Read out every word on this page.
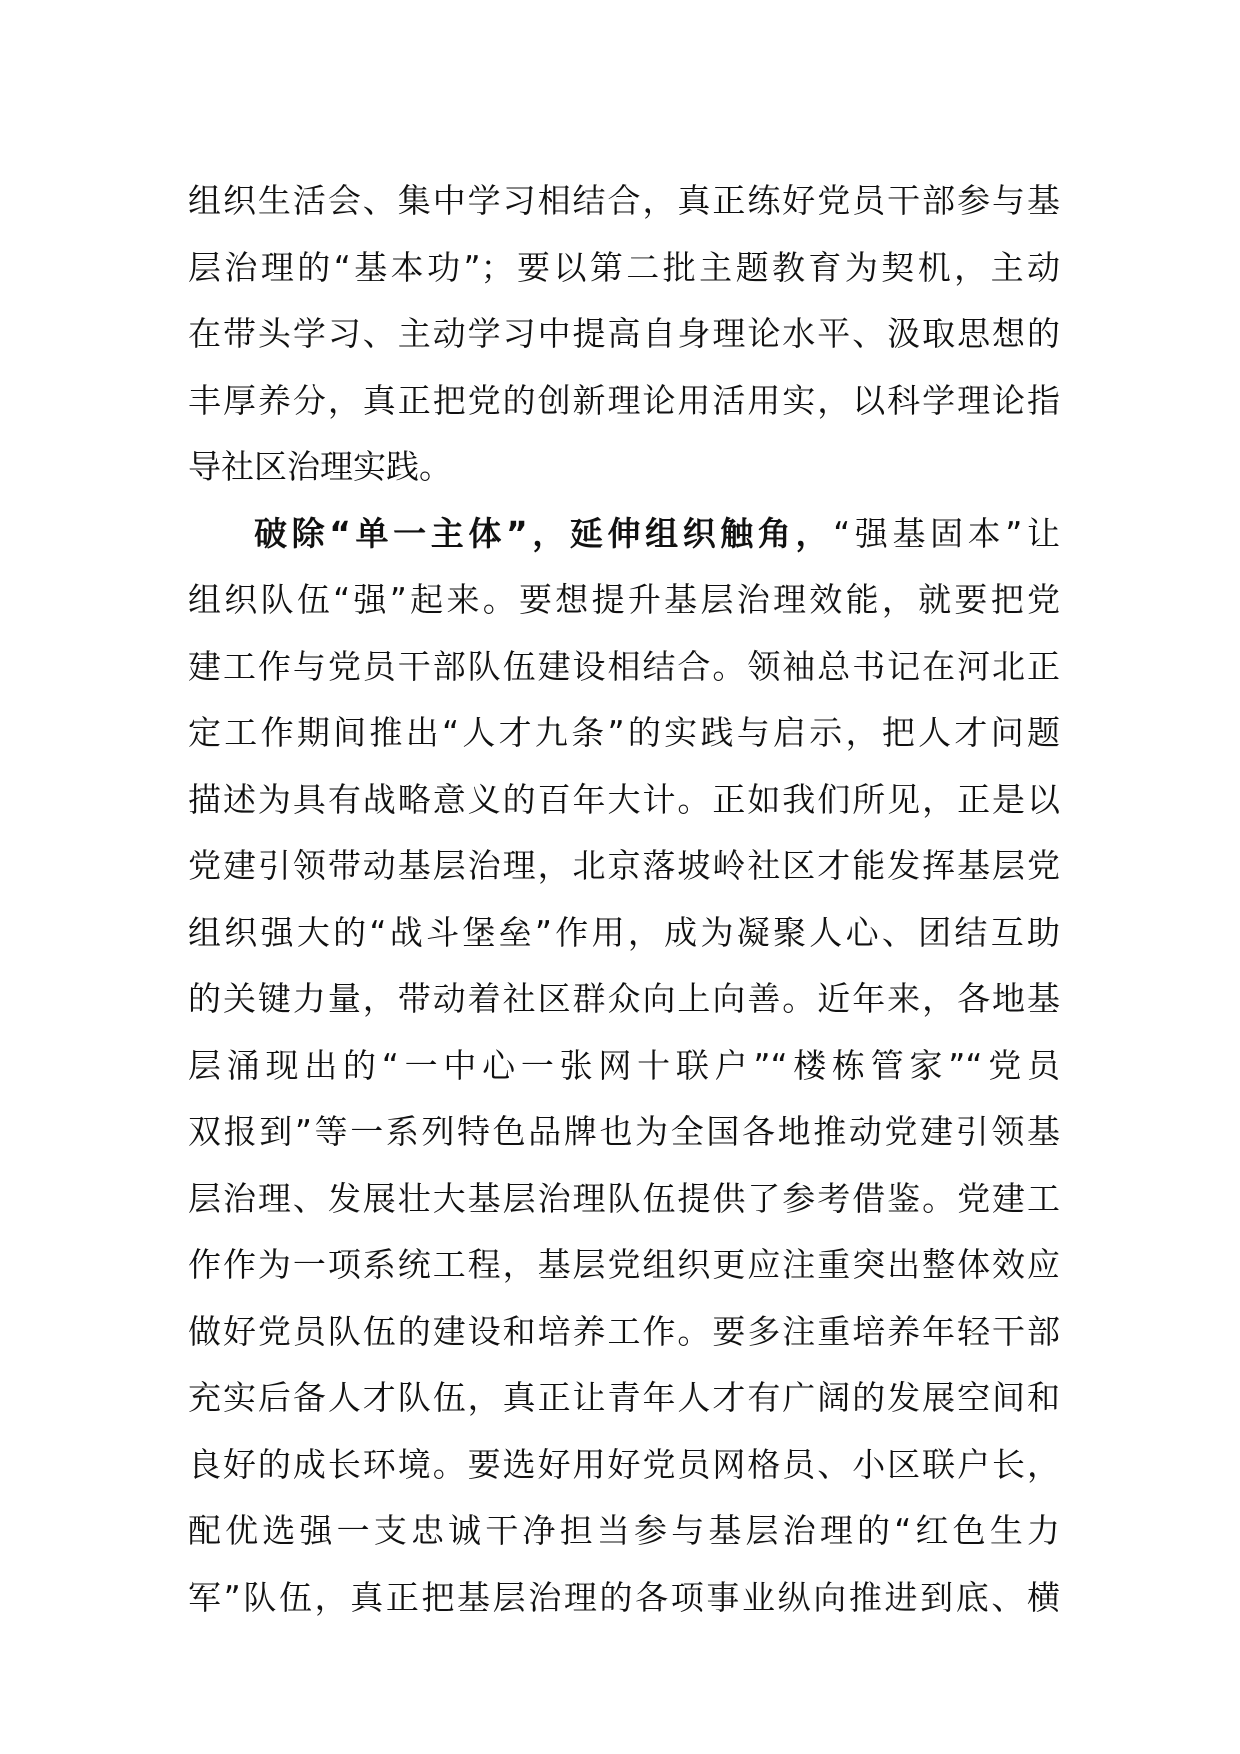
组织生活会、集中学习相结合，真正练好党员干部参与基
层治理的“基本功”；要以第二批主题教育为契机，主动
在带头学习、主动学习中提高自身理论水平、汲取思想的
丰厚养分，真正把党的创新理论用活用实，以科学理论指
导社区治理实践。
破除“单一主体”，延伸组织触角，“强基固本”让
组织队伍“强”起来。要想提升基层治理效能，就要把党
建工作与党员干部队伍建设相结合。领袖总书记在河北正
定工作期间推出“人才九条”的实践与启示，把人才问题
描述为具有战略意义的百年大计。正如我们所见，正是以
党建引领带动基层治理，北京落坡岭社区才能发挥基层党
组织强大的“战斗堡垒”作用，成为凝聚人心、团结互助
的关键力量，带动着社区群众向上向善。近年来，各地基
层涌现出的“一中心一张网十联户”“楼栋管家”“党员
双报到”等一系列特色品牌也为全国各地推动党建引领基
层治理、发展壮大基层治理队伍提供了参考借鉴。党建工
作作为一项系统工程，基层党组织更应注重突出整体效应
做好党员队伍的建设和培养工作。要多注重培养年轻干部
充实后备人才队伍，真正让青年人才有广阔的发展空间和
良好的成长环境。要选好用好党员网格员、小区联户长，
配优选强一支忠诚干净担当参与基层治理的“红色生力
军”队伍，真正把基层治理的各项事业纵向推进到底、横
